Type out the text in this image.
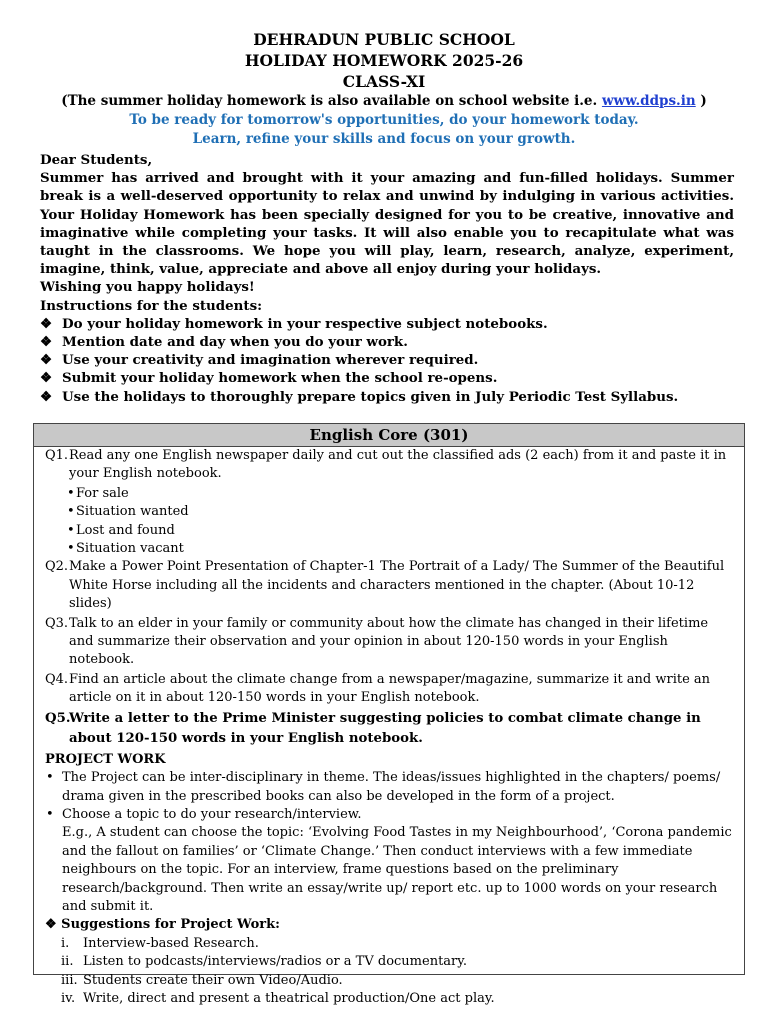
DEHRADUN PUBLIC SCHOOL
HOLIDAY HOMEWORK 2025-26
CLASS-XI
(The summer holiday homework is also available on school website i.e. www.ddps.in )
To be ready for tomorrow's opportunities, do your homework today.
Learn, refine your skills and focus on your growth.

Dear Students,

Summer has arrived and brought with it your amazing and fun-filled holidays. Summer break is a well-deserved opportunity to relax and unwind by indulging in various activities. Your Holiday Homework has been specially designed for you to be creative, innovative and imaginative while completing your tasks. It will also enable you to recapitulate what was taught in the classrooms. We hope you will play, learn, research, analyze, experiment, imagine, think, value, appreciate and above all enjoy during your holidays.

Wishing you happy holidays!

Instructions for the students:

❖ Do your holiday homework in your respective subject notebooks.
❖ Mention date and day when you do your work.
❖ Use your creativity and imagination wherever required.
❖ Submit your holiday homework when the school re-opens.
❖ Use the holidays to thoroughly prepare topics given in July Periodic Test Syllabus.
English Core (301)
Q1. Read any one English newspaper daily and cut out the classified ads (2 each) from it and paste it in your English notebook.
• For sale
• Situation wanted
• Lost and found
• Situation vacant
Q2. Make a Power Point Presentation of Chapter-1 The Portrait of a Lady/ The Summer of the Beautiful White Horse including all the incidents and characters mentioned in the chapter. (About 10-12 slides)
Q3. Talk to an elder in your family or community about how the climate has changed in their lifetime and summarize their observation and your opinion in about 120-150 words in your English notebook.
Q4. Find an article about the climate change from a newspaper/magazine, summarize it and write an article on it in about 120-150 words in your English notebook.
Q5.
Write a letter to the Prime Minister suggesting policies to combat climate change in about 120-150 words in your English notebook.
PROJECT WORK
• The Project can be inter-disciplinary in theme. The ideas/issues highlighted in the chapters/ poems/ drama given in the prescribed books can also be developed in the form of a project.
• Choose a topic to do your research/interview.
E.g., A student can choose the topic: ‘Evolving Food Tastes in my Neighbourhood’, ‘Corona pandemic and the fallout on families’ or ‘Climate Change.’ Then conduct interviews with a few immediate neighbours on the topic. For an interview, frame questions based on the preliminary research/background. Then write an essay/write up/ report etc. up to 1000 words on your research and submit it.
❖ Suggestions for Project Work:
i.	Interview-based Research.
ii. Listen to podcasts/interviews/radios or a TV documentary.
iii. Students create their own Video/Audio.
iv. Write, direct and present a theatrical production/One act play.
